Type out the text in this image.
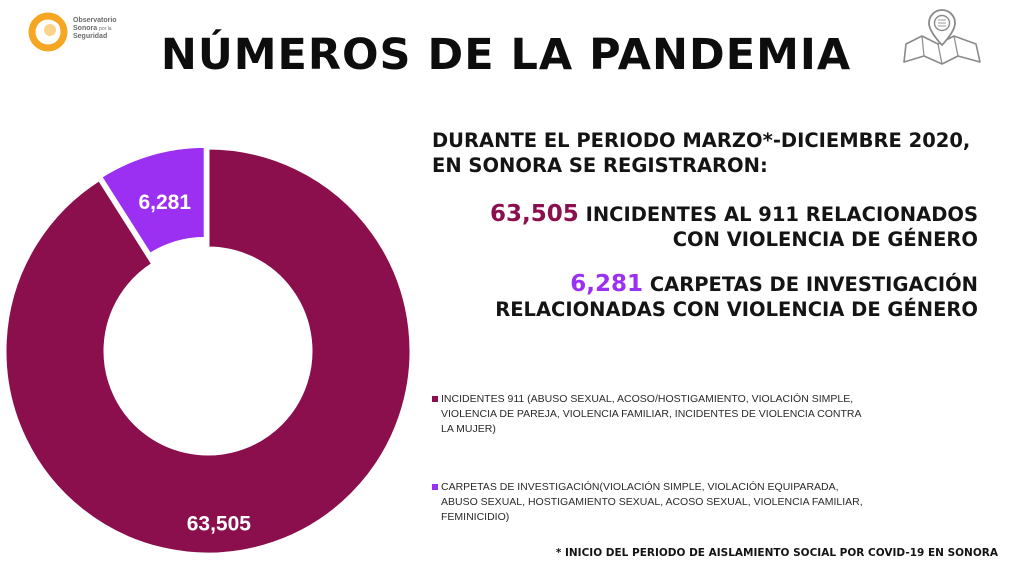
Observatorio
Sonora por la
Seguridad	NÚMEROS DE LA PANDEMIA
63,505
6,281
DURANTE EL PERIODO MARZO*-DICIEMBRE 2020,
EN SONORA SE REGISTRARON:
63,505 INCIDENTES AL 911 RELACIONADOS
CON VIOLENCIA DE GÉNERO
6,281 CARPETAS DE INVESTIGACIÓN
RELACIONADAS CON VIOLENCIA DE GÉNERO
INCIDENTES 911 (ABUSO SEXUAL, ACOSO/HOSTIGAMIENTO, VIOLACIÓN SIMPLE, VIOLENCIA DE PAREJA, VIOLENCIA FAMILIAR, INCIDENTES DE VIOLENCIA CONTRA LA MUJER)
CARPETAS DE INVESTIGACIÓN(VIOLACIÓN SIMPLE, VIOLACIÓN EQUIPARADA, ABUSO SEXUAL, HOSTIGAMIENTO SEXUAL, ACOSO SEXUAL, VIOLENCIA FAMILIAR, FEMINICIDIO)
* INICIO DEL PERIODO DE AISLAMIENTO SOCIAL POR COVID-19 EN SONORA
